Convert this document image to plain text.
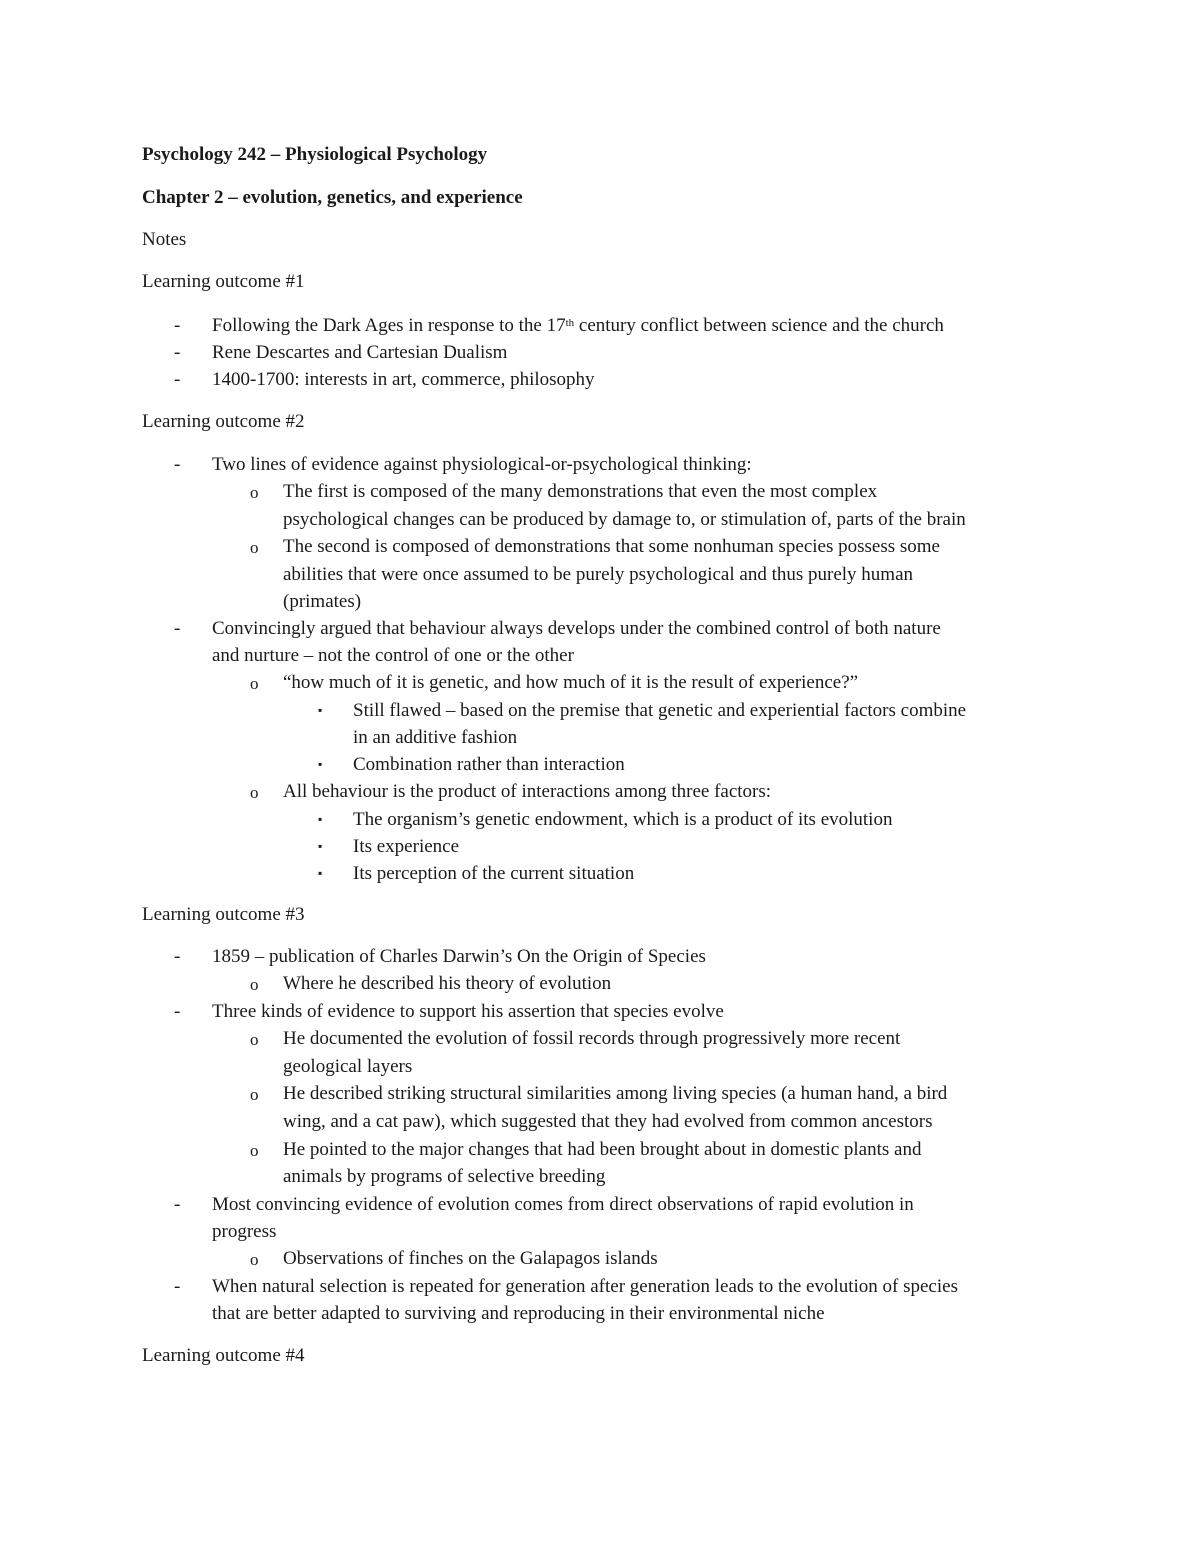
Psychology 242 – Physiological Psychology
Chapter 2 – evolution, genetics, and experience
Notes
Learning outcome #1
- Following the Dark Ages in response to the 17th century conflict between science and the church
- Rene Descartes and Cartesian Dualism
- 1400-1700: interests in art, commerce, philosophy
Learning outcome #2
- Two lines of evidence against physiological-or-psychological thinking:
o The first is composed of the many demonstrations that even the most complex
psychological changes can be produced by damage to, or stimulation of, parts of the brain
o The second is composed of demonstrations that some nonhuman species possess some
abilities that were once assumed to be purely psychological and thus purely human
(primates)
- Convincingly argued that behaviour always develops under the combined control of both nature
and nurture – not the control of one or the other
o “how much of it is genetic, and how much of it is the result of experience?”
▪ Still flawed – based on the premise that genetic and experiential factors combine
in an additive fashion
▪ Combination rather than interaction
o All behaviour is the product of interactions among three factors:
▪ The organism’s genetic endowment, which is a product of its evolution
▪ Its experience
▪ Its perception of the current situation
Learning outcome #3
- 1859 – publication of Charles Darwin’s On the Origin of Species
o Where he described his theory of evolution
- Three kinds of evidence to support his assertion that species evolve
o He documented the evolution of fossil records through progressively more recent
geological layers
o He described striking structural similarities among living species (a human hand, a bird
wing, and a cat paw), which suggested that they had evolved from common ancestors
o He pointed to the major changes that had been brought about in domestic plants and
animals by programs of selective breeding
- Most convincing evidence of evolution comes from direct observations of rapid evolution in
progress
o Observations of finches on the Galapagos islands
- When natural selection is repeated for generation after generation leads to the evolution of species
that are better adapted to surviving and reproducing in their environmental niche
Learning outcome #4
